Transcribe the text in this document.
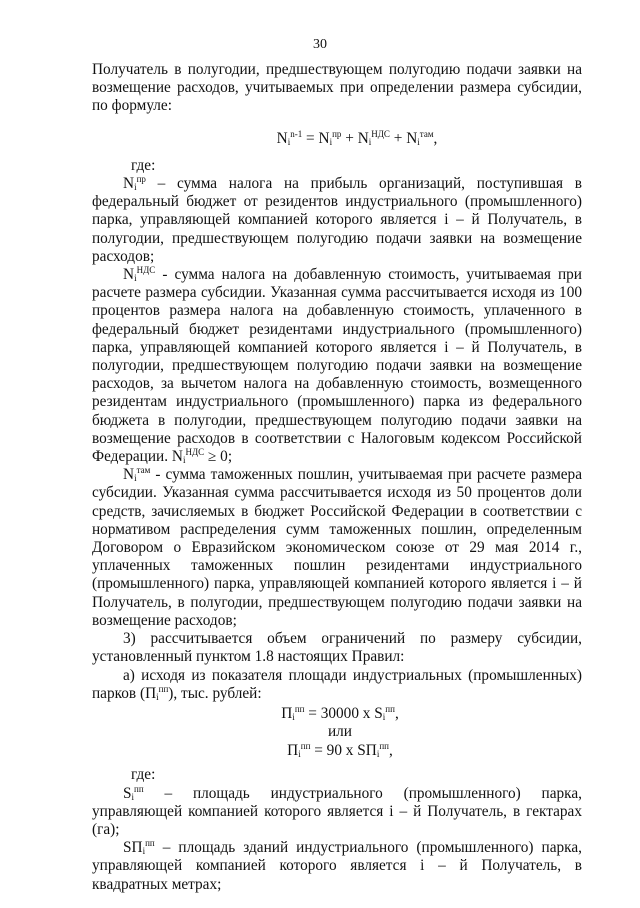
30

Получатель в полугодии, предшествующем полугодию подачи заявки на возмещение расходов, учитываемых при определении размера субсидии, по формуле:

$N_i^{n-1} = N_i^{пр} + N_i^{НДС} + N_i^{там}$,

где:

$N_i^{пр}$ – сумма налога на прибыль организаций, поступившая в федеральный бюджет от резидентов индустриального (промышленного) парка, управляющей компанией которого является i – й Получатель, в полугодии, предшествующем полугодию подачи заявки на возмещение расходов;

$N_i^{НДС}$ - сумма налога на добавленную стоимость, учитываемая при расчете размера субсидии. Указанная сумма рассчитывается исходя из 100 процентов размера налога на добавленную стоимость, уплаченного в федеральный бюджет резидентами индустриального (промышленного) парка, управляющей компанией которого является i – й Получатель, в полугодии, предшествующем полугодию подачи заявки на возмещение расходов, за вычетом налога на добавленную стоимость, возмещенного резидентам индустриального (промышленного) парка из федерального бюджета в полугодии, предшествующем полугодию подачи заявки на возмещение расходов в соответствии с Налоговым кодексом Российской Федерации. $N_i^{НДС} \ge 0$;

$N_i^{там}$ - сумма таможенных пошлин, учитываемая при расчете размера субсидии. Указанная сумма рассчитывается исходя из 50 процентов доли средств, зачисляемых в бюджет Российской Федерации в соответствии с нормативом распределения сумм таможенных пошлин, определенным Договором о Евразийском экономическом союзе от 29 мая 2014 г., уплаченных таможенных пошлин резидентами индустриального (промышленного) парка, управляющей компанией которого является i – й Получатель, в полугодии, предшествующем полугодию подачи заявки на возмещение расходов;

3) рассчитывается объем ограничений по размеру субсидии, установленный пунктом 1.8 настоящих Правил:

а) исходя из показателя площади индустриальных (промышленных) парков $(П_i^{пп})$, тыс. рублей:

$П_i^{пп} = 30000$ x $S_i^{пп}$,
или
$П_i^{пп} = 90$ x $SП_i^{пп}$,

где:

$S_i^{пп}$ – площадь индустриального (промышленного) парка, управляющей компанией которого является i – й Получатель, в гектарах (га);

$SП_i^{пп}$ – площадь зданий индустриального (промышленного) парка, управляющей компанией которого является i – й Получатель, в квадратных метрах;
